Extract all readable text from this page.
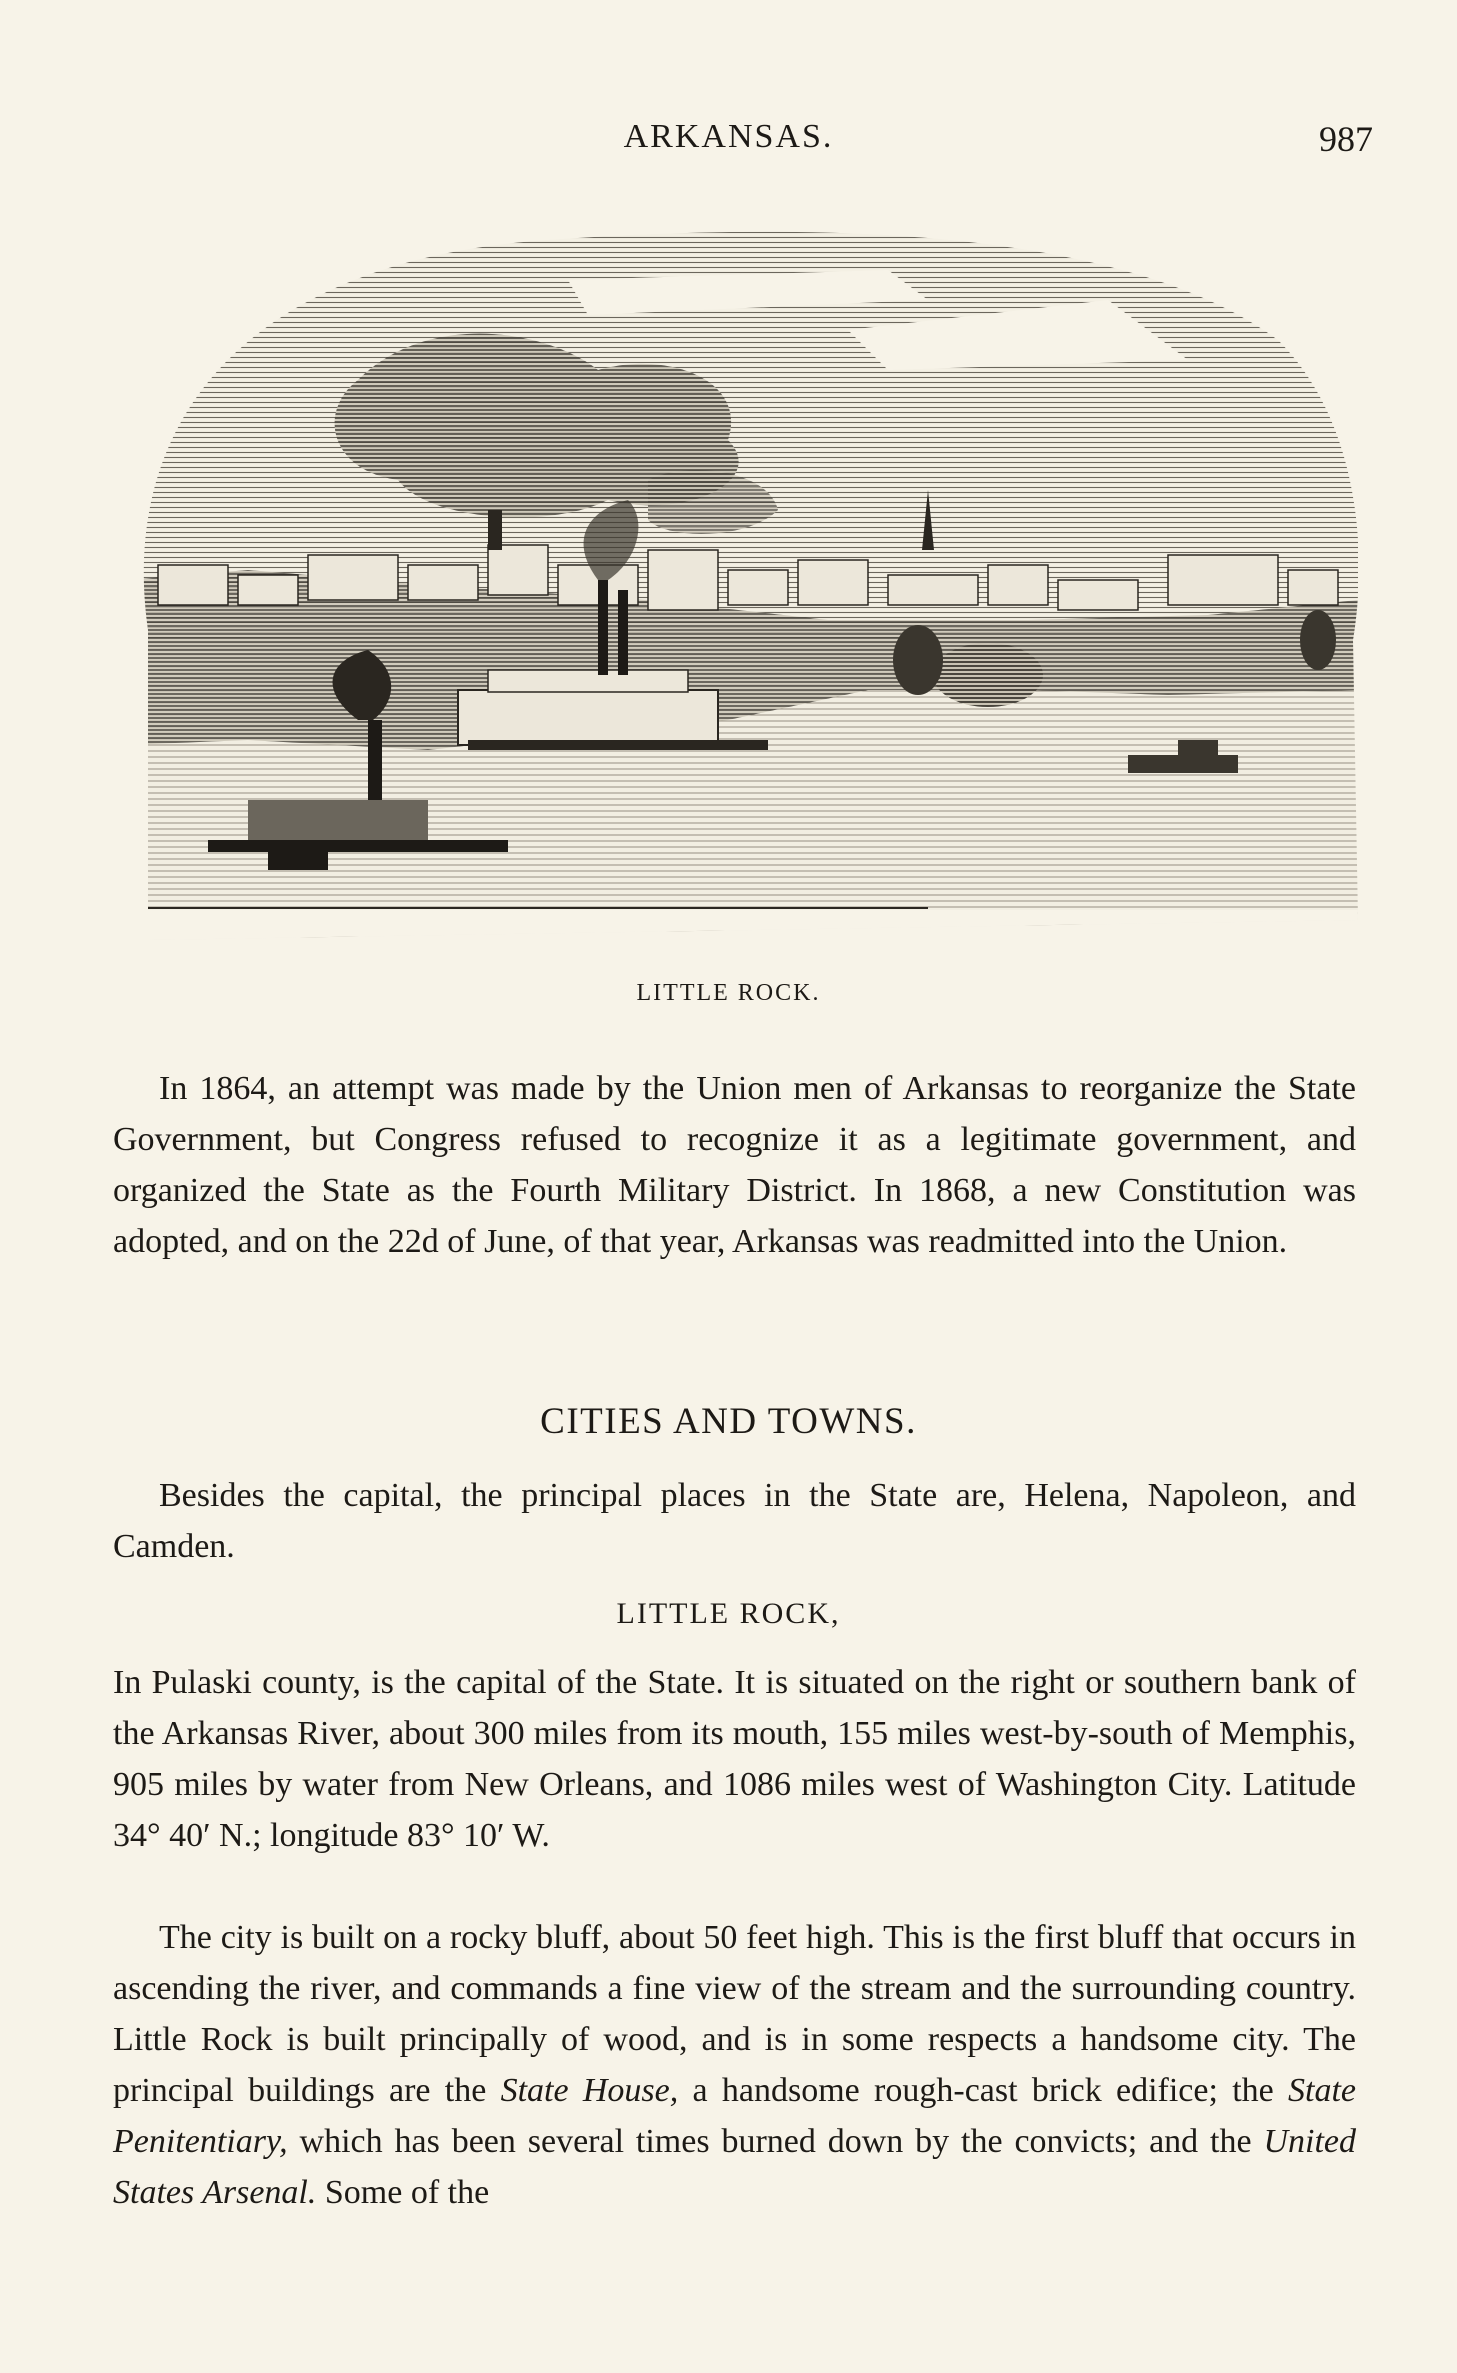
ARKANSAS.	987
LITTLE ROCK.

In 1864, an attempt was made by the Union men of Arkansas to reorganize the State Government, but Congress refused to recognize it as a legitimate government, and organized the State as the Fourth Military District. In 1868, a new Constitution was adopted, and on the 22d of June, of that year, Arkansas was readmitted into the Union.

CITIES AND TOWNS.

Besides the capital, the principal places in the State are, Helena, Napoleon, and Camden.

LITTLE ROCK,

In Pulaski county, is the capital of the State. It is situated on the right or southern bank of the Arkansas River, about 300 miles from its mouth, 155 miles west-by-south of Memphis, 905 miles by water from New Orleans, and 1086 miles west of Washington City. Latitude 34° 40′ N.; longitude 83° 10′ W.

The city is built on a rocky bluff, about 50 feet high. This is the first bluff that occurs in ascending the river, and commands a fine view of the stream and the surrounding country. Little Rock is built principally of wood, and is in some respects a handsome city. The principal buildings are the State House, a handsome rough-cast brick edifice; the State Penitentiary, which has been several times burned down by the convicts; and the United States Arsenal. Some of the
